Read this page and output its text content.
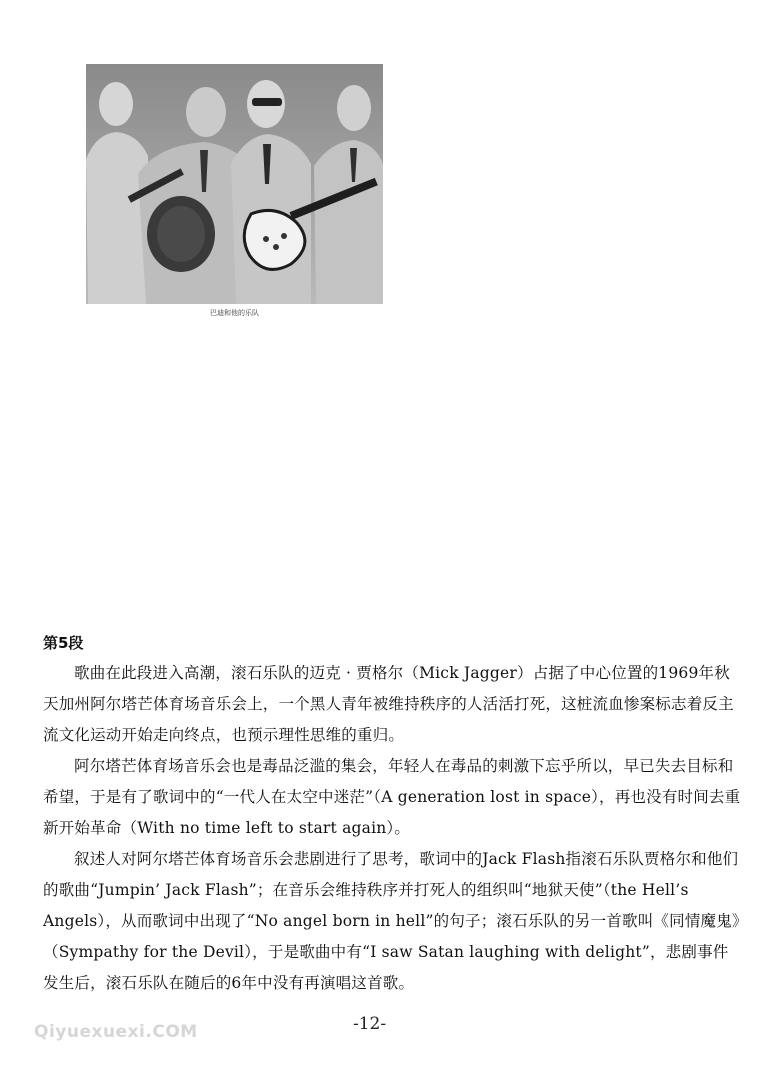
巴迪和他的乐队
第5段

歌曲在此段进入高潮，滚石乐队的迈克 · 贾格尔（Mick Jagger）占据了中心位置的1969年秋天加州阿尔塔芒体育场音乐会上，一个黑人青年被维持秩序的人活活打死，这桩流血惨案标志着反主流文化运动开始走向终点，也预示理性思维的重归。

阿尔塔芒体育场音乐会也是毒品泛滥的集会，年轻人在毒品的刺激下忘乎所以，早已失去目标和希望，于是有了歌词中的“一代人在太空中迷茫”（A generation lost in space），再也没有时间去重新开始革命（With no time left to start again）。

叙述人对阿尔塔芒体育场音乐会悲剧进行了思考，歌词中的Jack Flash指滚石乐队贾格尔和他们的歌曲“Jumpin’ Jack Flash”；在音乐会维持秩序并打死人的组织叫“地狱天使”（the Hell’s Angels），从而歌词中出现了“No angel born in hell”的句子；滚石乐队的另一首歌叫《同情魔鬼》（Sympathy for the Devil），于是歌曲中有“I saw Satan laughing with delight”，悲剧事件发生后，滚石乐队在随后的6年中没有再演唱这首歌。

Qiyuexuexi.COM	-12-
